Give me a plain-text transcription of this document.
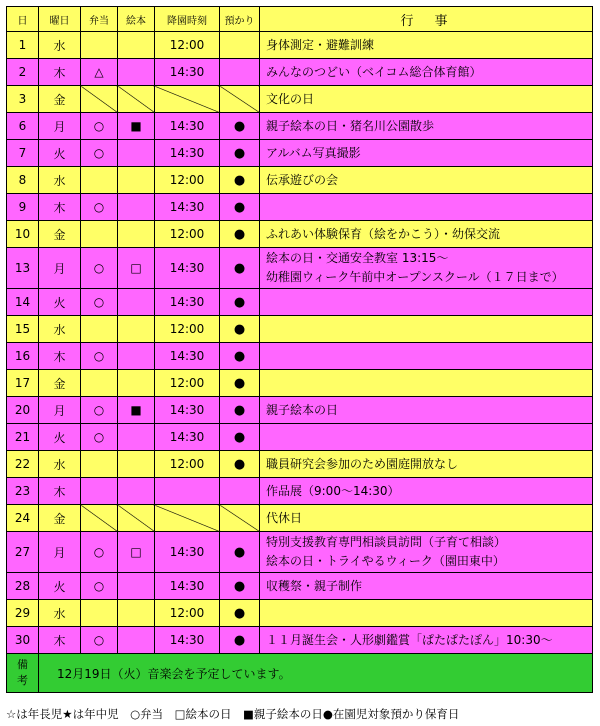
日	曜日	弁当	絵本	降園時刻	預かり	行　事
1	水			12:00		身体測定・避難訓練

2	木	△		14:30		みんなのつどい（ベイコム総合体育館）

3	金					文化の日

6	月	○	■	14:30	●	親子絵本の日・猪名川公園散歩

7	火	○		14:30	●	アルバム写真撮影

8	水			12:00	●	伝承遊びの会

9	木	○		14:30	●	

10	金			12:00	●	ふれあい体験保育（絵をかこう）・幼保交流

13	月	○	□	14:30	●	絵本の日・交通安全教室 13:15～
幼稚園ウィーク午前中オープンスクール（１７日まで）

14	火	○		14:30	●	

15	水			12:00	●	

16	木	○		14:30	●	

17	金			12:00	●	

20	月	○	■	14:30	●	親子絵本の日

21	火	○		14:30	●	

22	水			12:00	●	職員研究会参加のため園庭開放なし

23	木					作品展（9:00～14:30）

24	金					代休日

27	月	○	□	14:30	●	特別支援教育専門相談員訪問（子育て相談）
絵本の日・トライやるウィーク（園田東中）

28	火	○		14:30	●	収穫祭・親子制作

29	水			12:00	●	

30	木	○		14:30	●	１１月誕生会・人形劇鑑賞「ぱたぱたぽん」10:30～

備
考	12月19日（火）音楽会を予定しています。					
☆は年長児★は年中児　○弁当　□絵本の日　■親子絵本の日●在園児対象預かり保育日
